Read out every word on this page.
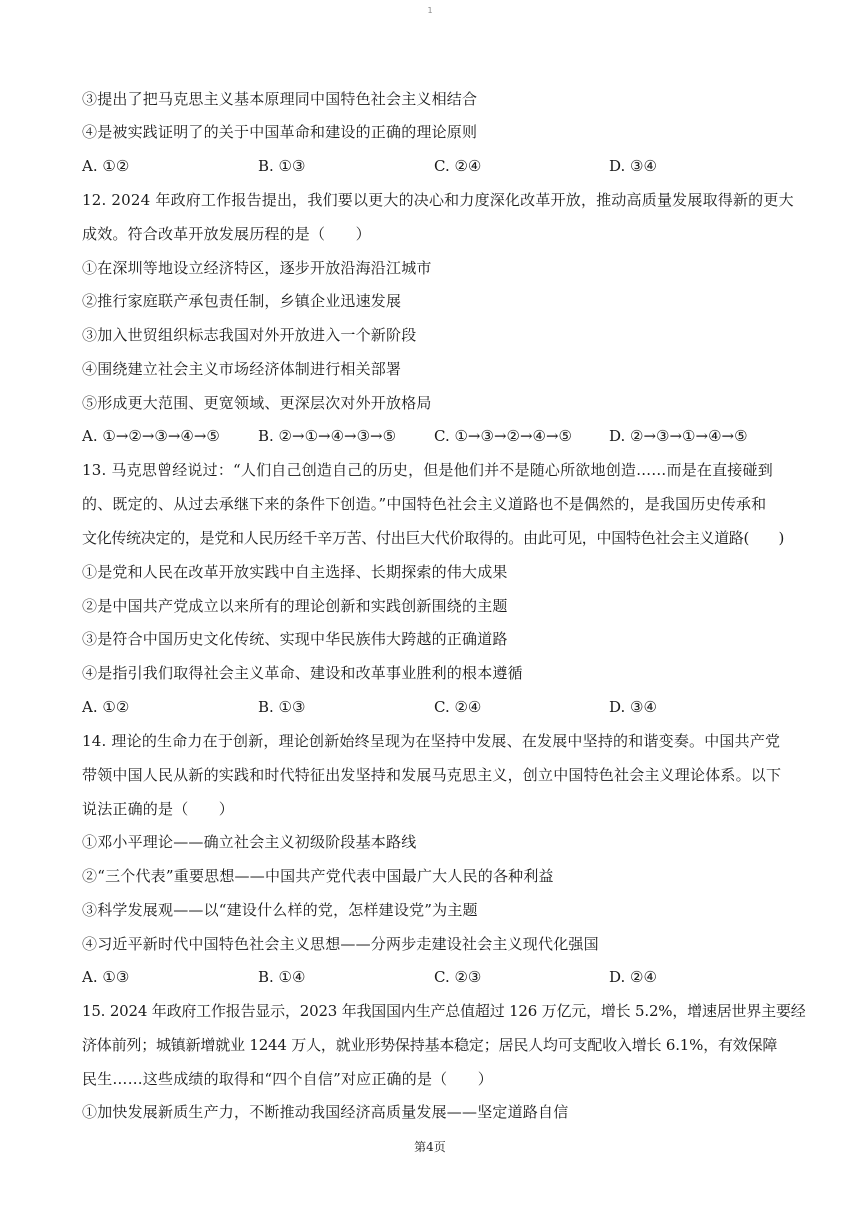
1
③提出了把马克思主义基本原理同中国特色社会主义相结合
④是被实践证明了的关于中国革命和建设的正确的理论原则
A. ①②	B. ①③	C. ②④	D. ③④
12. 2024 年政府工作报告提出，我们要以更大的决心和力度深化改革开放，推动高质量发展取得新的更大
成效。符合改革开放发展历程的是（　　）
①在深圳等地设立经济特区，逐步开放沿海沿江城市
②推行家庭联产承包责任制，乡镇企业迅速发展
③加入世贸组织标志我国对外开放进入一个新阶段
④围绕建立社会主义市场经济体制进行相关部署
⑤形成更大范围、更宽领域、更深层次对外开放格局
A. ①→②→③→④→⑤	B. ②→①→④→③→⑤	C. ①→③→②→④→⑤ D. ②→③→①→④→⑤
13. 马克思曾经说过：“人们自己创造自己的历史，但是他们并不是随心所欲地创造……而是在直接碰到
的、既定的、从过去承继下来的条件下创造。”中国特色社会主义道路也不是偶然的，是我国历史传承和
文化传统决定的，是党和人民历经千辛万苦、付出巨大代价取得的。由此可见，中国特色社会主义道路(　　)
①是党和人民在改革开放实践中自主选择、长期探索的伟大成果
②是中国共产党成立以来所有的理论创新和实践创新围绕的主题
③是符合中国历史文化传统、实现中华民族伟大跨越的正确道路
④是指引我们取得社会主义革命、建设和改革事业胜利的根本遵循
A. ①②	B. ①③	C. ②④	D. ③④
14. 理论的生命力在于创新，理论创新始终呈现为在坚持中发展、在发展中坚持的和谐变奏。中国共产党
带领中国人民从新的实践和时代特征出发坚持和发展马克思主义，创立中国特色社会主义理论体系。以下
说法正确的是（　　）
①邓小平理论——确立社会主义初级阶段基本路线
②“三个代表”重要思想——中国共产党代表中国最广大人民的各种利益
③科学发展观——以“建设什么样的党，怎样建设党”为主题
④习近平新时代中国特色社会主义思想——分两步走建设社会主义现代化强国
A. ①③	B. ①④	C. ②③	D. ②④
15. 2024 年政府工作报告显示，2023 年我国国内生产总值超过 126 万亿元，增长 5.2%，增速居世界主要经
济体前列；城镇新增就业 1244 万人，就业形势保持基本稳定；居民人均可支配收入增长 6.1%，有效保障
民生……这些成绩的取得和“四个自信”对应正确的是（　　）
①加快发展新质生产力，不断推动我国经济高质量发展——坚定道路自信
第4页
